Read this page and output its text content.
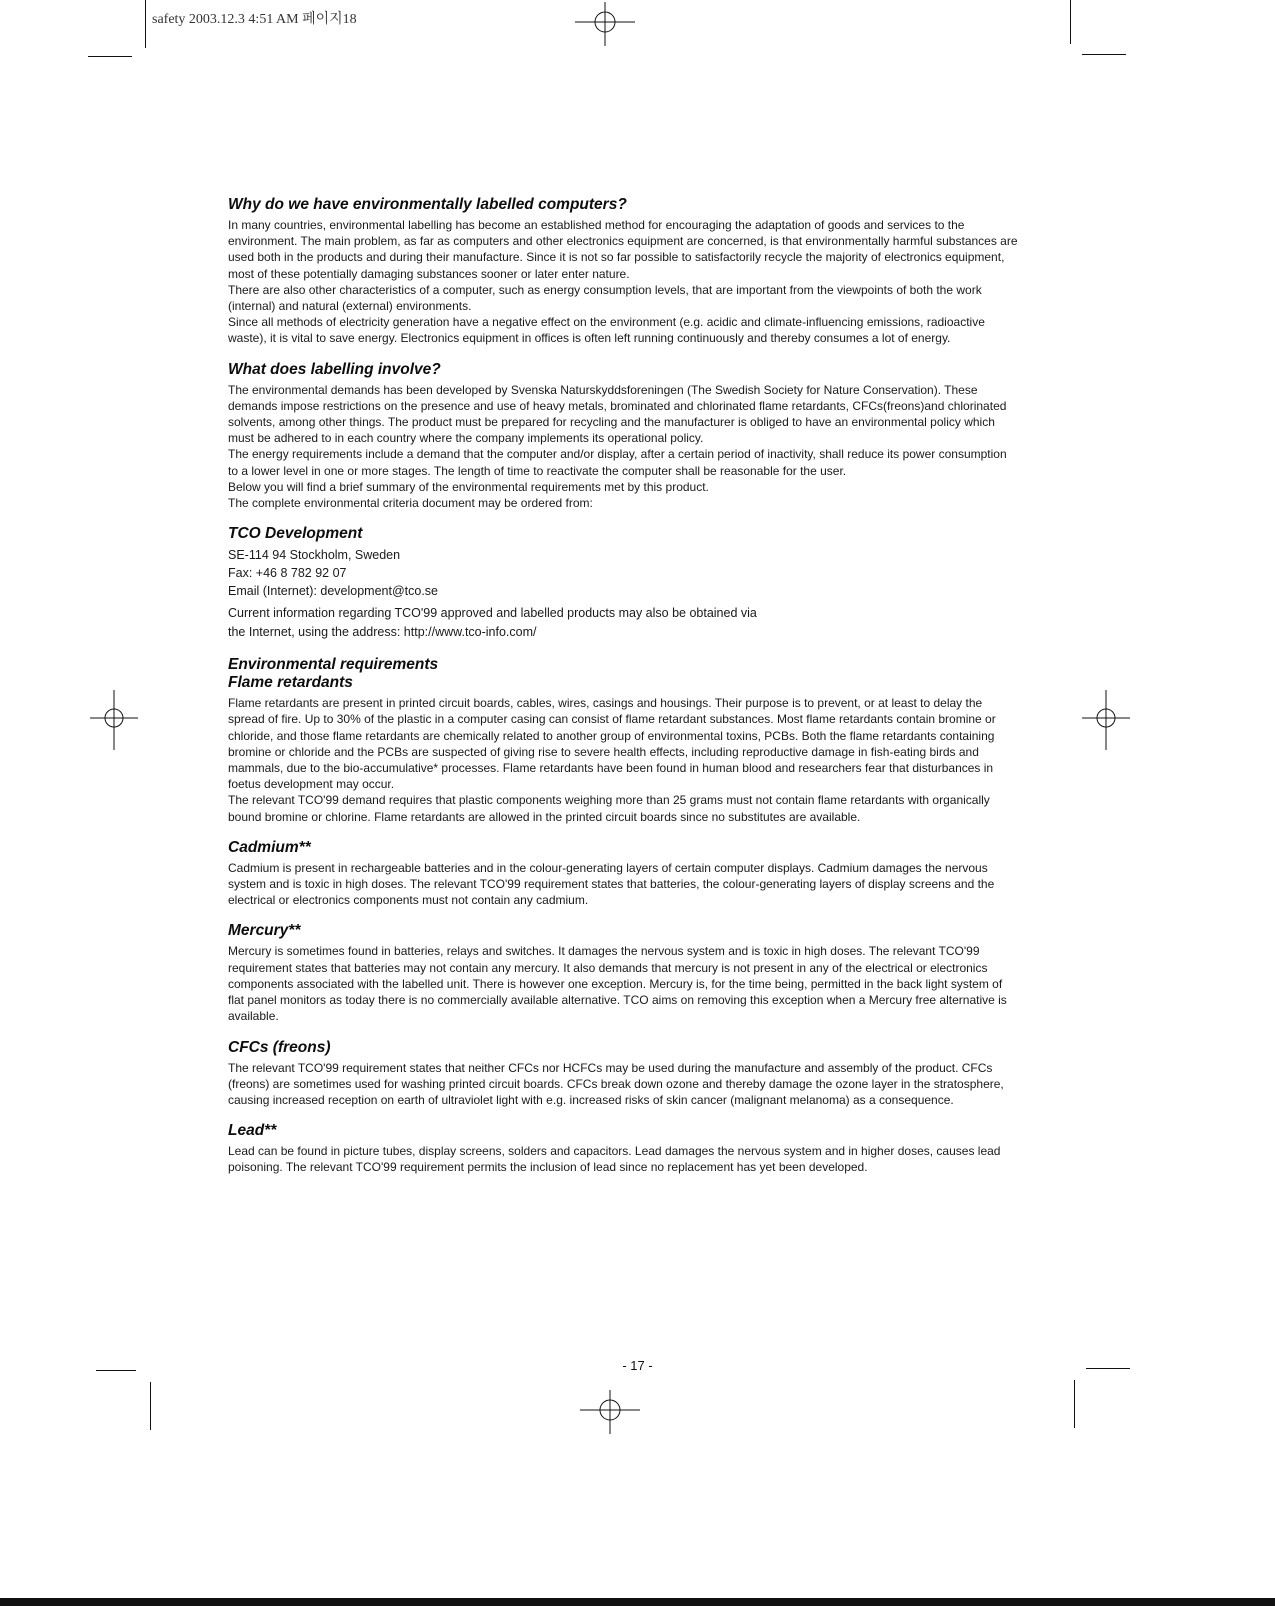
safety 2003.12.3 4:51 AM 페이지18
Why do we have environmentally labelled computers?

In many countries, environmental labelling has become an established method for encouraging the adaptation of goods and services to the environment. The main problem, as far as computers and other electronics equipment are concerned, is that environmentally harmful substances are used both in the products and during their manufacture. Since it is not so far possible to satisfactorily recycle the majority of electronics equipment, most of these potentially damaging substances sooner or later enter nature.

There are also other characteristics of a computer, such as energy consumption levels, that are important from the viewpoints of both the work (internal) and natural (external) environments.

Since all methods of electricity generation have a negative effect on the environment (e.g. acidic and climate-influencing emissions, radioactive waste), it is vital to save energy. Electronics equipment in offices is often left running continuously and thereby consumes a lot of energy.

What does labelling involve?

The environmental demands has been developed by Svenska Naturskyddsforeningen (The Swedish Society for Nature Conservation). These demands impose restrictions on the presence and use of heavy metals, brominated and chlorinated flame retardants, CFCs(freons)and chlorinated solvents, among other things. The product must be prepared for recycling and the manufacturer is obliged to have an environmental policy which must be adhered to in each country where the company implements its operational policy.

The energy requirements include a demand that the computer and/or display, after a certain period of inactivity, shall reduce its power consumption to a lower level in one or more stages. The length of time to reactivate the computer shall be reasonable for the user.

Below you will find a brief summary of the environmental requirements met by this product.

The complete environmental criteria document may be ordered from:

TCO Development

SE-114 94 Stockholm, Sweden

Fax: +46 8 782 92 07

Email (Internet): development@tco.se

Current information regarding TCO'99 approved and labelled products may also be obtained via

the Internet, using the address: http://www.tco-info.com/

Environmental requirements
Flame retardants

Flame retardants are present in printed circuit boards, cables, wires, casings and housings. Their purpose is to prevent, or at least to delay the spread of fire. Up to 30% of the plastic in a computer casing can consist of flame retardant substances. Most flame retardants contain bromine or chloride, and those flame retardants are chemically related to another group of environmental toxins, PCBs. Both the flame retardants containing bromine or chloride and the PCBs are suspected of giving rise to severe health effects, including reproductive damage in fish-eating birds and mammals, due to the bio-accumulative* processes. Flame retardants have been found in human blood and researchers fear that disturbances in foetus development may occur.

The relevant TCO'99 demand requires that plastic components weighing more than 25 grams must not contain flame retardants with organically bound bromine or chlorine. Flame retardants are allowed in the printed circuit boards since no substitutes are available.

Cadmium**

Cadmium is present in rechargeable batteries and in the colour-generating layers of certain computer displays. Cadmium damages the nervous system and is toxic in high doses. The relevant TCO'99 requirement states that batteries, the colour-generating layers of display screens and the electrical or electronics components must not contain any cadmium.

Mercury**

Mercury is sometimes found in batteries, relays and switches. It damages the nervous system and is toxic in high doses. The relevant TCO'99 requirement states that batteries may not contain any mercury. It also demands that mercury is not present in any of the electrical or electronics components associated with the labelled unit. There is however one exception. Mercury is, for the time being, permitted in the back light system of flat panel monitors as today there is no commercially available alternative. TCO aims on removing this exception when a Mercury free alternative is available.

CFCs (freons)

The relevant TCO'99 requirement states that neither CFCs nor HCFCs may be used during the manufacture and assembly of the product. CFCs (freons) are sometimes used for washing printed circuit boards. CFCs break down ozone and thereby damage the ozone layer in the stratosphere, causing increased reception on earth of ultraviolet light with e.g. increased risks of skin cancer (malignant melanoma) as a consequence.

Lead**

Lead can be found in picture tubes, display screens, solders and capacitors. Lead damages the nervous system and in higher doses, causes lead poisoning. The relevant TCO'99 requirement permits the inclusion of lead since no replacement has yet been developed.

- 17 -
